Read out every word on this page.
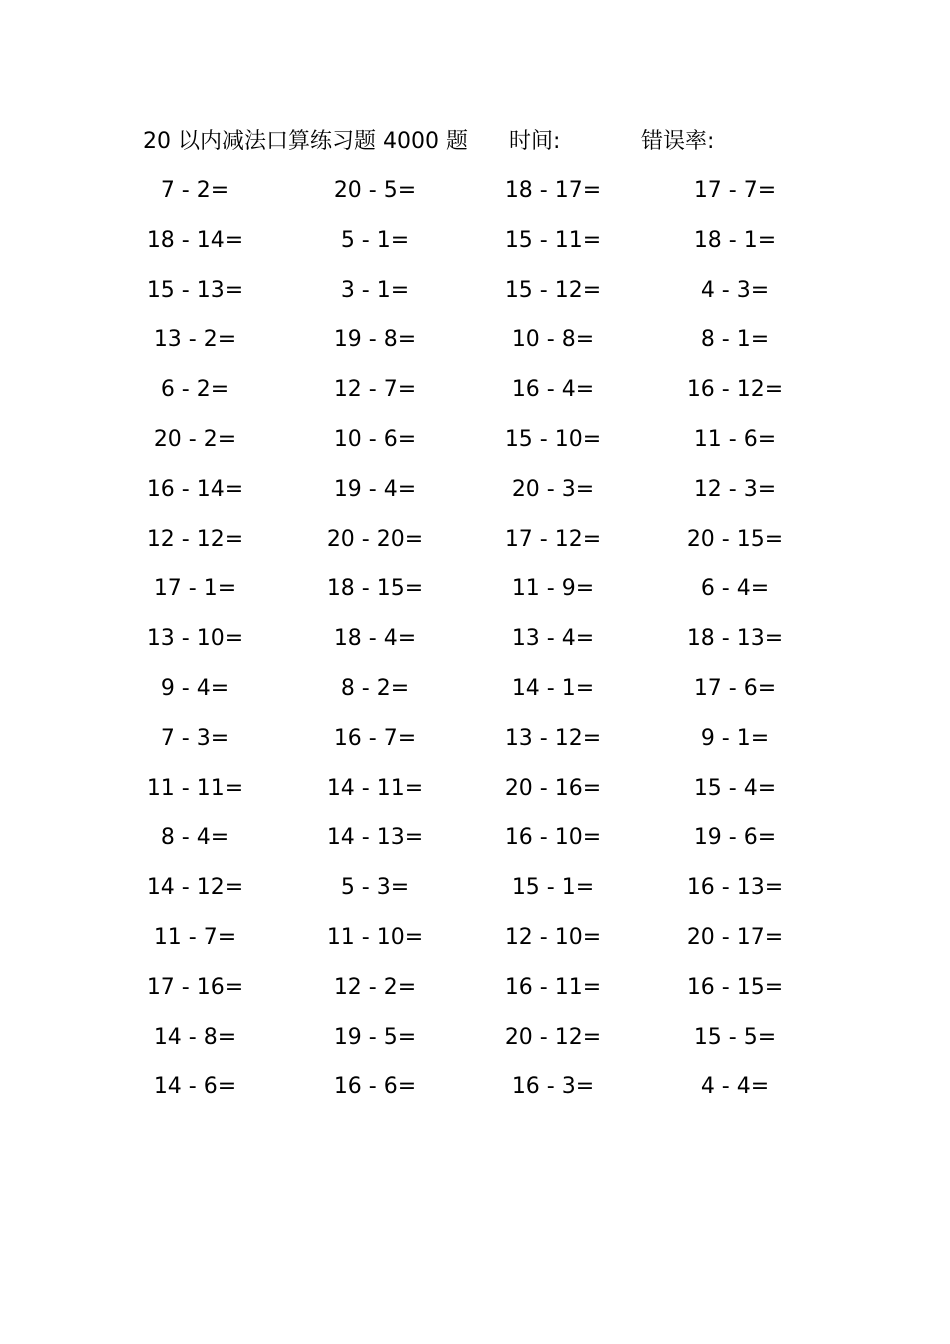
20 以内减法口算练习题 4000 题 时间:	错误率:
7 - 2=	20 - 5=	18 - 17=	17 - 7=
18 - 14=	5 - 1=	15 - 11=	18 - 1=
15 - 13=	3 - 1=	15 - 12=	4 - 3=
13 - 2=	19 - 8=	10 - 8=	8 - 1=
6 - 2=	12 - 7=	16 - 4=	16 - 12=
20 - 2=	10 - 6=	15 - 10=	11 - 6=
16 - 14=	19 - 4=	20 - 3=	12 - 3=
12 - 12=	20 - 20=	17 - 12=	20 - 15=
17 - 1=	18 - 15=	11 - 9=	6 - 4=
13 - 10=	18 - 4=	13 - 4=	18 - 13=
9 - 4=	8 - 2=	14 - 1=	17 - 6=
7 - 3=	16 - 7=	13 - 12=	9 - 1=
11 - 11=	14 - 11=	20 - 16=	15 - 4=
8 - 4=	14 - 13=	16 - 10=	19 - 6=
14 - 12=	5 - 3=	15 - 1=	16 - 13=
11 - 7=	11 - 10=	12 - 10=	20 - 17=
17 - 16=	12 - 2=	16 - 11=	16 - 15=
14 - 8=	19 - 5=	20 - 12=	15 - 5=
14 - 6=	16 - 6=	16 - 3=	4 - 4=
